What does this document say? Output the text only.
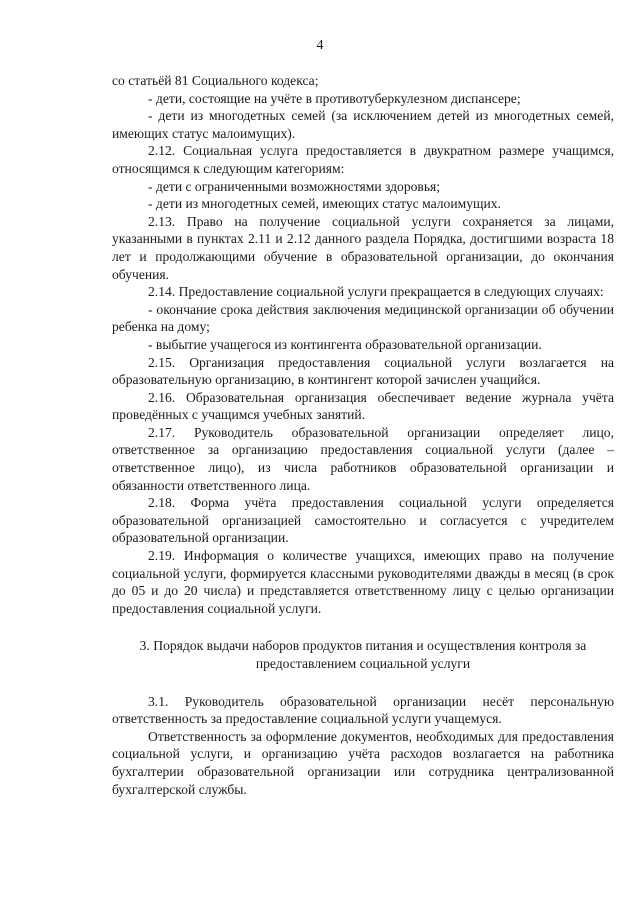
4

со статьёй 81 Социального кодекса;

- дети, состоящие на учёте в противотуберкулезном диспансере;

- дети из многодетных семей (за исключением детей из многодетных семей, имеющих статус малоимущих).

2.12. Социальная услуга предоставляется в двукратном размере учащимся, относящимся к следующим категориям:

- дети с ограниченными возможностями здоровья;

- дети из многодетных семей, имеющих статус малоимущих.

2.13. Право на получение социальной услуги сохраняется за лицами, указанными в пунктах 2.11 и 2.12 данного раздела Порядка, достигшими возраста 18 лет и продолжающими обучение в образовательной организации, до окончания обучения.

2.14. Предоставление социальной услуги прекращается в следующих случаях:

- окончание срока действия заключения медицинской организации об обучении ребенка на дому;

- выбытие учащегося из контингента образовательной организации.

2.15. Организация предоставления социальной услуги возлагается на образовательную организацию, в контингент которой зачислен учащийся.

2.16. Образовательная организация обеспечивает ведение журнала учёта проведённых с учащимся учебных занятий.

2.17. Руководитель образовательной организации определяет лицо, ответственное за организацию предоставления социальной услуги (далее – ответственное лицо), из числа работников образовательной организации и обязанности ответственного лица.

2.18. Форма учёта предоставления социальной услуги определяется образовательной организацией самостоятельно и согласуется с учредителем образовательной организации.

2.19. Информация о количестве учащихся, имеющих право на получение социальной услуги, формируется классными руководителями дважды в месяц (в срок до 05 и до 20 числа) и представляется ответственному лицу с целью организации предоставления социальной услуги.

3. Порядок выдачи наборов продуктов питания и осуществления контроля за предоставлением социальной услуги

3.1. Руководитель образовательной организации несёт персональную ответственность за предоставление социальной услуги учащемуся.

Ответственность за оформление документов, необходимых для предоставления социальной услуги, и организацию учёта расходов возлагается на работника бухгалтерии образовательной организации или сотрудника централизованной бухгалтерской службы.
